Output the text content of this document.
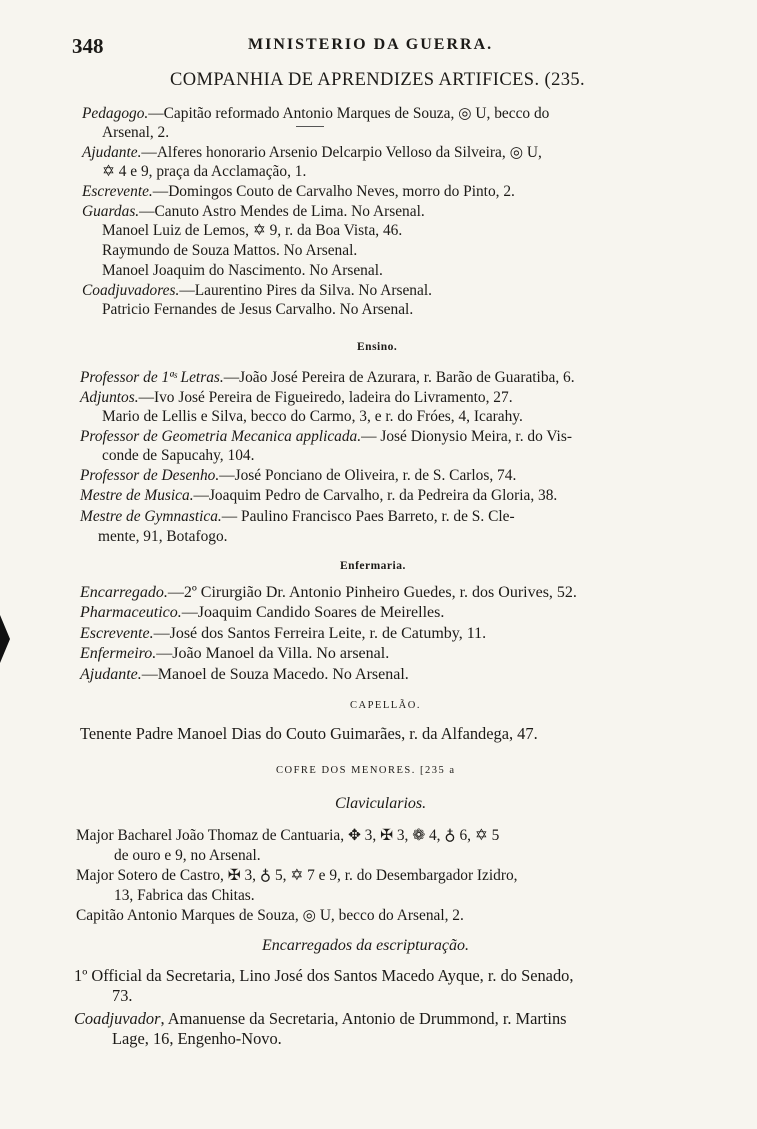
348	MINISTERIO DA GUERRA.
COMPANHIA DE APRENDIZES ARTIFICES. (235.
Pedagogo.—Capitão reformado Antonio Marques de Souza, ◎ U, becco do
Arsenal, 2.
Ajudante.—Alferes honorario Arsenio Delcarpio Velloso da Silveira, ◎ U,
✡ 4 e 9, praça da Acclamação, 1.
Escrevente.—Domingos Couto de Carvalho Neves, morro do Pinto, 2.
Guardas.—Canuto Astro Mendes de Lima. No Arsenal.
Manoel Luiz de Lemos, ✡ 9, r. da Boa Vista, 46.
Raymundo de Souza Mattos. No Arsenal.
Manoel Joaquim do Nascimento. No Arsenal.
Coadjuvadores.—Laurentino Pires da Silva. No Arsenal.
Patricio Fernandes de Jesus Carvalho. No Arsenal.
Ensino.
Professor de 1ªˢ Letras.—João José Pereira de Azurara, r. Barão de Guaratiba, 6.
Adjuntos.—Ivo José Pereira de Figueiredo, ladeira do Livramento, 27.
Mario de Lellis e Silva, becco do Carmo, 3, e r. do Fróes, 4, Icarahy.
Professor de Geometria Mecanica applicada.— José Dionysio Meira, r. do Vis-
conde de Sapucahy, 104.
Professor de Desenho.—José Ponciano de Oliveira, r. de S. Carlos, 74.
Mestre de Musica.—Joaquim Pedro de Carvalho, r. da Pedreira da Gloria, 38.
Mestre de Gymnastica.— Paulino Francisco Paes Barreto, r. de S. Cle-
mente, 91, Botafogo.
Enfermaria.
Encarregado.—2º Cirurgião Dr. Antonio Pinheiro Guedes, r. dos Ourives, 52.
Pharmaceutico.—Joaquim Candido Soares de Meirelles.
Escrevente.—José dos Santos Ferreira Leite, r. de Catumby, 11.
Enfermeiro.—João Manoel da Villa. No arsenal.
Ajudante.—Manoel de Souza Macedo. No Arsenal.
CAPELLÃO.
Tenente Padre Manoel Dias do Couto Guimarães, r. da Alfandega, 47.
COFRE DOS MENORES. [235 a
Clavicularios.
Major Bacharel João Thomaz de Cantuaria, ✥ 3, ✠ 3, ❁ 4, ♁ 6, ✡ 5
de ouro e 9, no Arsenal.
Major Sotero de Castro, ✠ 3, ♁ 5, ✡ 7 e 9, r. do Desembargador Izidro,
13, Fabrica das Chitas.
Capitão Antonio Marques de Souza, ◎ U, becco do Arsenal, 2.
Encarregados da escripturação.
1º Official da Secretaria, Lino José dos Santos Macedo Ayque, r. do Senado,
73.
Coadjuvador, Amanuense da Secretaria, Antonio de Drummond, r. Martins
Lage, 16, Engenho-Novo.
